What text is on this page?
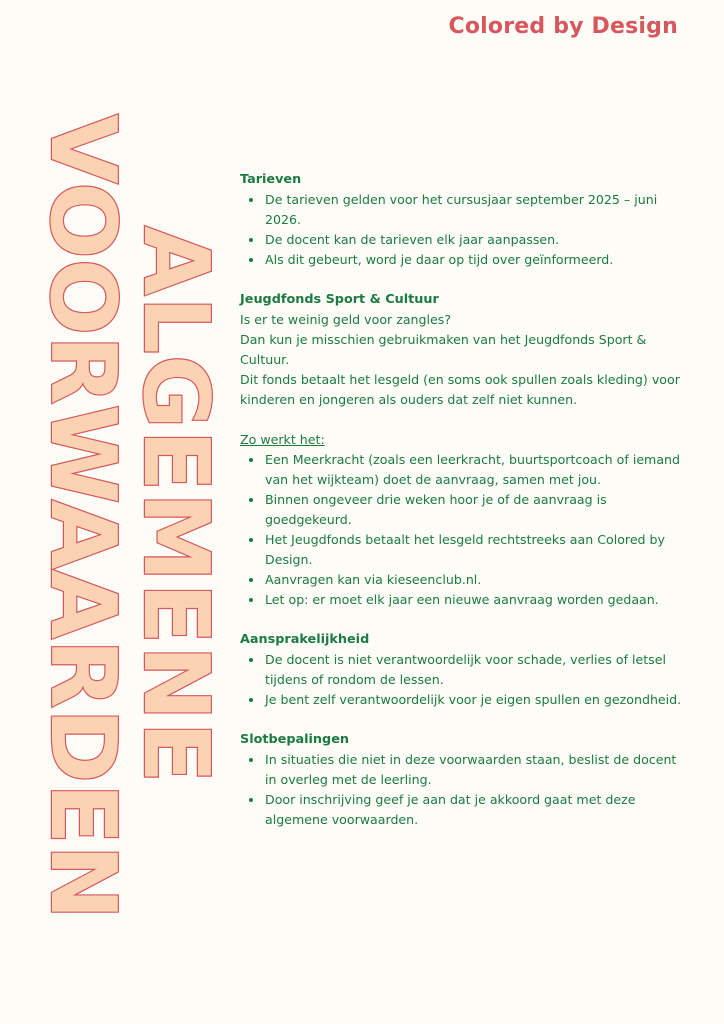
Colored by Design
VOORWAARDEN
ALGEMENE
Tarieven
De tarieven gelden voor het cursusjaar september 2025 – juni 2026.
De docent kan de tarieven elk jaar aanpassen.
Als dit gebeurt, word je daar op tijd over geïnformeerd.
Jeugdfonds Sport & Cultuur

Is er te weinig geld voor zangles?

Dan kun je misschien gebruikmaken van het Jeugdfonds Sport & Cultuur.

Dit fonds betaalt het lesgeld (en soms ook spullen zoals kleding) voor kinderen en jongeren als ouders dat zelf niet kunnen.

Zo werkt het:

Een Meerkracht (zoals een leerkracht, buurtsportcoach of iemand van het wijkteam) doet de aanvraag, samen met jou.
Binnen ongeveer drie weken hoor je of de aanvraag is goedgekeurd.
Het Jeugdfonds betaalt het lesgeld rechtstreeks aan Colored by Design.
Aanvragen kan via kieseenclub.nl.
Let op: er moet elk jaar een nieuwe aanvraag worden gedaan.
Aansprakelijkheid
De docent is niet verantwoordelijk voor schade, verlies of letsel tijdens of rondom de lessen.
Je bent zelf verantwoordelijk voor je eigen spullen en gezondheid.
Slotbepalingen
In situaties die niet in deze voorwaarden staan, beslist de docent in overleg met de leerling.
Door inschrijving geef je aan dat je akkoord gaat met deze algemene voorwaarden.
